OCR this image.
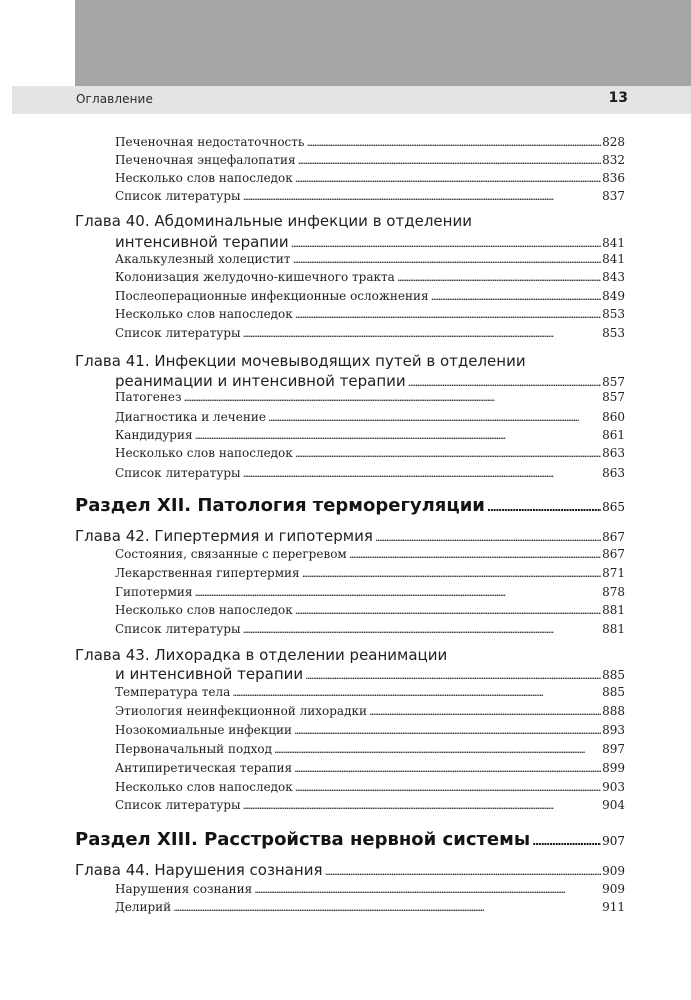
Оглавление	13
Печеночная недостаточность . . .	828
Печеночная энцефалопатия . . .	832
Несколько слов напоследок . . .	836
Список литературы . . .	837
Глава 40. Абдоминальные инфекции в отделении
интенсивной терапии . . .	841
Акалькулезный холецистит . . .	841
Колонизация желудочно-кишечного тракта . . .	843
Послеоперационные инфекционные осложнения . . .	849
Несколько слов напоследок . . .	853
Список литературы . . .	853
Глава 41. Инфекции мочевыводящих путей в отделении
реанимации и интенсивной терапии . . .	857
Патогенез . . .	857
Диагностика и лечение . . .	860
Кандидурия . . .	861
Несколько слов напоследок . . .	863
Список литературы . . .	863
Раздел XII. Патология терморегуляции . . .	865
Глава 42. Гипертермия и гипотермия . . .	867
Состояния, связанные с перегревом . . .	867
Лекарственная гипертермия . . .	871
Гипотермия . . .	878
Несколько слов напоследок . . .	881
Список литературы . . .	881
Глава 43. Лихорадка в отделении реанимации
и интенсивной терапии . . .	885
Температура тела . . .	885
Этиология неинфекционной лихорадки . . .	888
Нозокомиальные инфекции . . .	893
Первоначальный подход . . .	897
Антипиретическая терапия . . .	899
Несколько слов напоследок . . .	903
Список литературы . . .	904
Раздел XIII. Расстройства нервной системы . . .	907
Глава 44. Нарушения сознания . . .	909
Нарушения сознания . . .	909
Делирий . . .	911
